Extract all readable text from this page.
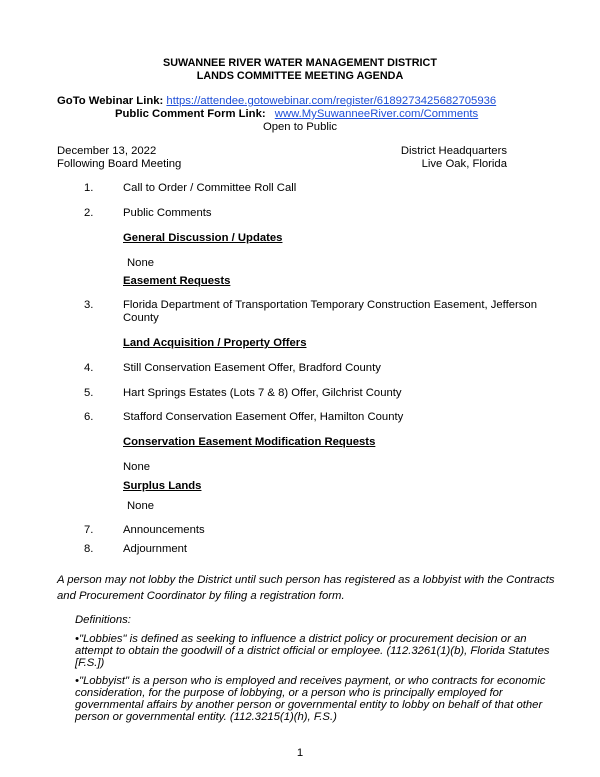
SUWANNEE RIVER WATER MANAGEMENT DISTRICT
LANDS COMMITTEE MEETING AGENDA
GoTo Webinar Link: https://attendee.gotowebinar.com/register/6189273425682705936
Public Comment Form Link: www.MySuwanneeRiver.com/Comments
Open to Public
December 13, 2022
Following Board Meeting
District Headquarters
Live Oak, Florida
1.	Call to Order / Committee Roll Call
2.	Public Comments
General Discussion / Updates
None
Easement Requests
3.	Florida Department of Transportation Temporary Construction Easement, Jefferson
County
Land Acquisition / Property Offers
4.	Still Conservation Easement Offer, Bradford County
5.	Hart Springs Estates (Lots 7 & 8) Offer, Gilchrist County
6.	Stafford Conservation Easement Offer, Hamilton County
Conservation Easement Modification Requests
None
Surplus Lands
None
7.	Announcements
8.	Adjournment
A person may not lobby the District until such person has registered as a lobbyist with the Contracts
and Procurement Coordinator by filing a registration form.
Definitions:
•"Lobbies" is defined as seeking to influence a district policy or procurement decision or an
attempt to obtain the goodwill of a district official or employee. (112.3261(1)(b), Florida Statutes
[F.S.])
•"Lobbyist" is a person who is employed and receives payment, or who contracts for economic
consideration, for the purpose of lobbying, or a person who is principally employed for
governmental affairs by another person or governmental entity to lobby on behalf of that other
person or governmental entity. (112.3215(1)(h), F.S.)
1
